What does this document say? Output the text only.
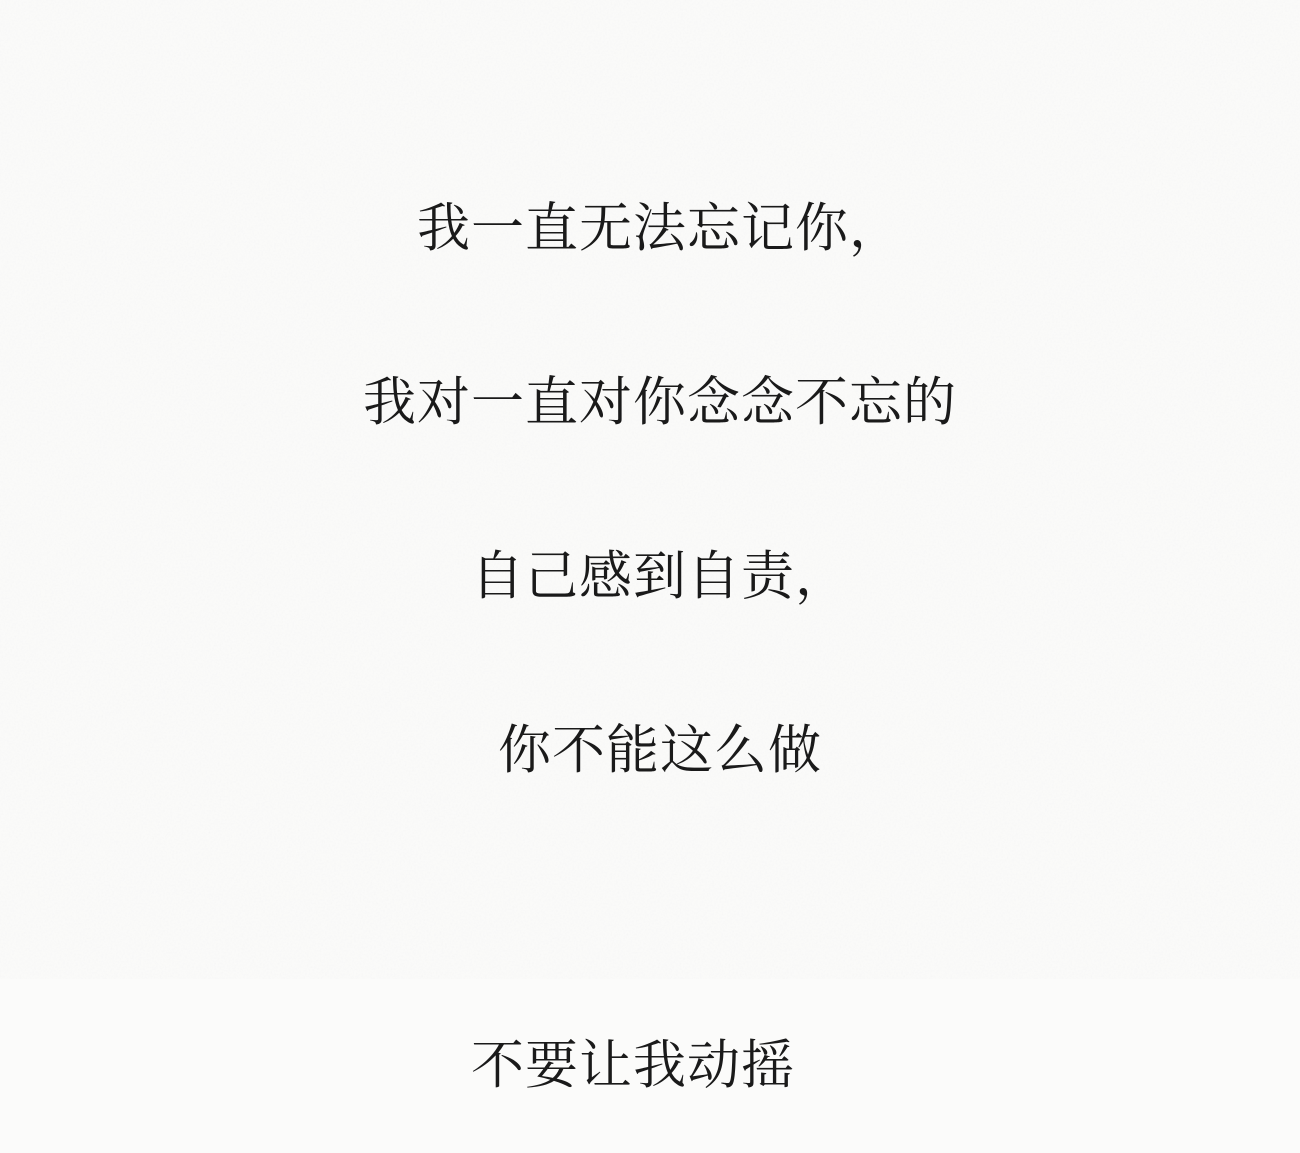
我一直无法忘记你，

我对一直对你念念不忘的

自己感到自责，

你不能这么做

不要让我动摇
